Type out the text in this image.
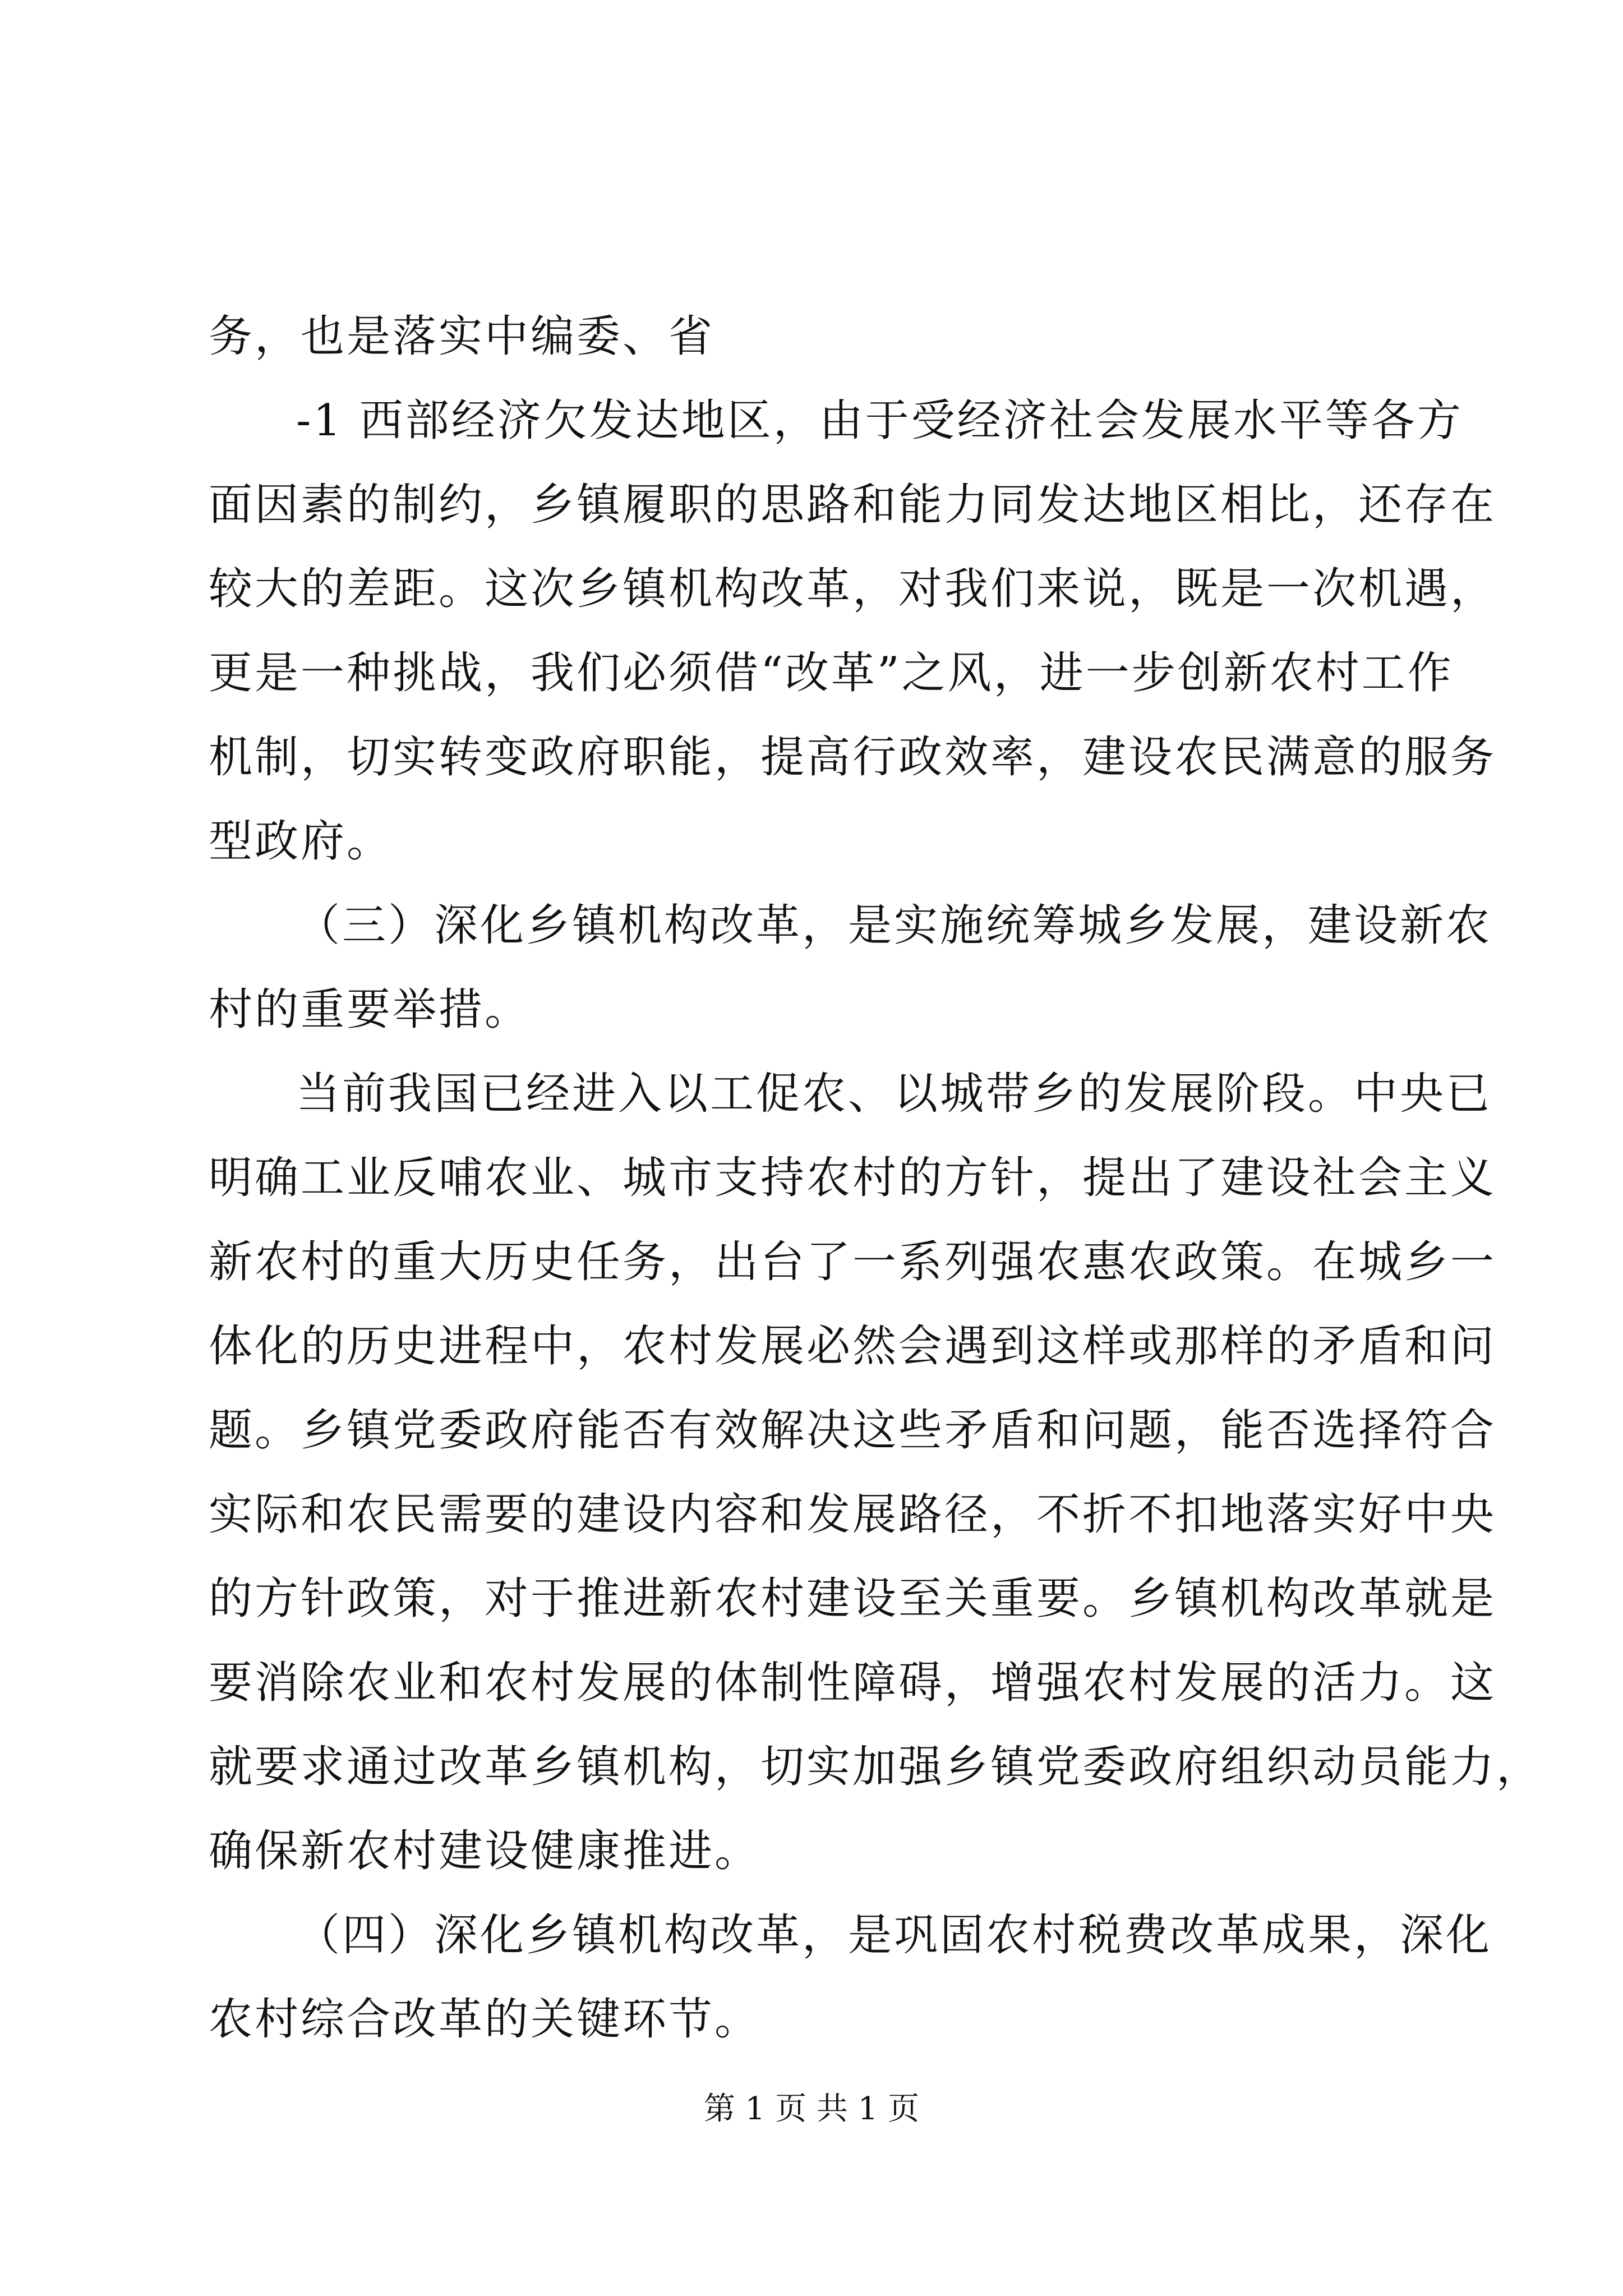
务，也是落实中编委、省
-1 西部经济欠发达地区，由于受经济社会发展水平等各方
面因素的制约，乡镇履职的思路和能力同发达地区相比，还存在
较大的差距。这次乡镇机构改革，对我们来说，既是一次机遇，
更是一种挑战，我们必须借“改革”之风，进一步创新农村工作
机制，切实转变政府职能，提高行政效率，建设农民满意的服务
型政府。
（三）深化乡镇机构改革，是实施统筹城乡发展，建设新农
村的重要举措。
当前我国已经进入以工促农、以城带乡的发展阶段。中央已
明确工业反哺农业、城市支持农村的方针，提出了建设社会主义
新农村的重大历史任务，出台了一系列强农惠农政策。在城乡一
体化的历史进程中，农村发展必然会遇到这样或那样的矛盾和问
题。乡镇党委政府能否有效解决这些矛盾和问题，能否选择符合
实际和农民需要的建设内容和发展路径，不折不扣地落实好中央
的方针政策，对于推进新农村建设至关重要。乡镇机构改革就是
要消除农业和农村发展的体制性障碍，增强农村发展的活力。这
就要求通过改革乡镇机构，切实加强乡镇党委政府组织动员能力，
确保新农村建设健康推进。
（四）深化乡镇机构改革，是巩固农村税费改革成果，深化
农村综合改革的关键环节。
第 1 页 共 1 页
